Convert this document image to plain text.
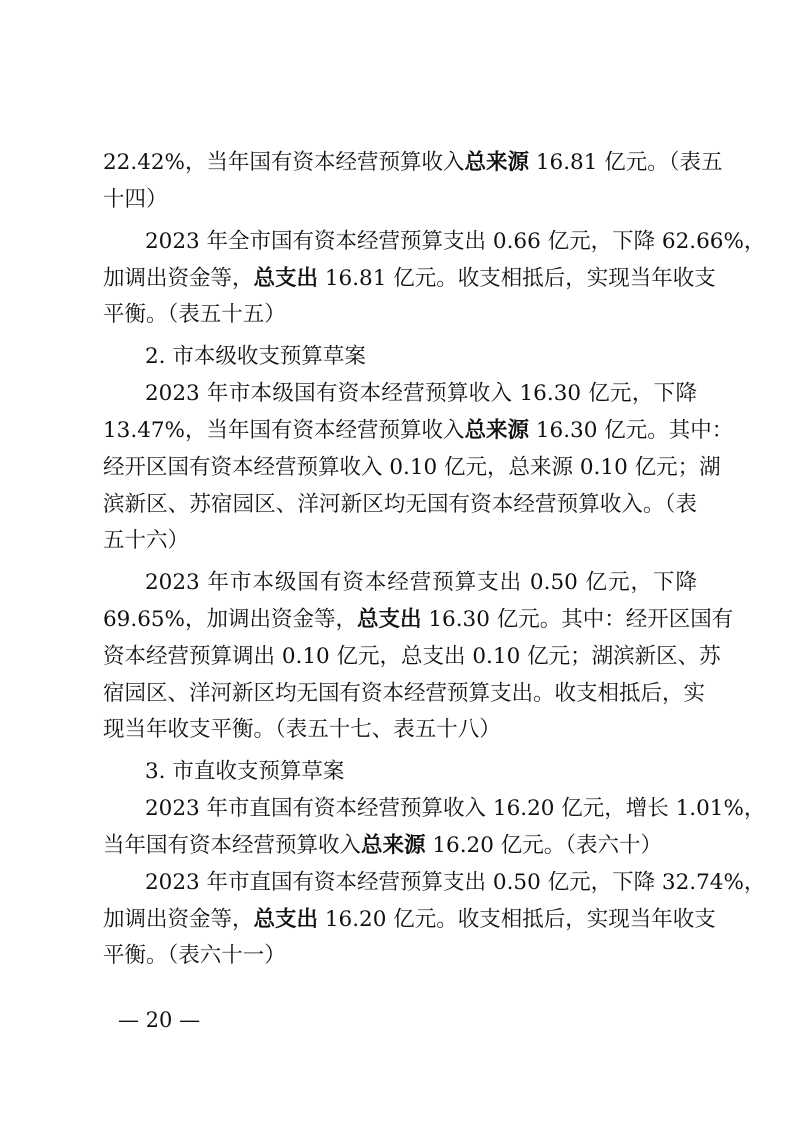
22.42%，当年国有资本经营预算收入总来源 16.81 亿元。（表五
十四）
2023 年全市国有资本经营预算支出 0.66 亿元，下降 62.66%，
加调出资金等，总支出 16.81 亿元。收支相抵后，实现当年收支
平衡。（表五十五）
2. 市本级收支预算草案
2023 年市本级国有资本经营预算收入 16.30 亿元，下降
13.47%，当年国有资本经营预算收入总来源 16.30 亿元。其中：
经开区国有资本经营预算收入 0.10 亿元，总来源 0.10 亿元；湖
滨新区、苏宿园区、洋河新区均无国有资本经营预算收入。（表
五十六）
2023 年市本级国有资本经营预算支出 0.50 亿元，下降
69.65%，加调出资金等，总支出 16.30 亿元。其中：经开区国有
资本经营预算调出 0.10 亿元，总支出 0.10 亿元；湖滨新区、苏
宿园区、洋河新区均无国有资本经营预算支出。收支相抵后，实
现当年收支平衡。（表五十七、表五十八）
3. 市直收支预算草案
2023 年市直国有资本经营预算收入 16.20 亿元，增长 1.01%，
当年国有资本经营预算收入总来源 16.20 亿元。（表六十）
2023 年市直国有资本经营预算支出 0.50 亿元，下降 32.74%，
加调出资金等，总支出 16.20 亿元。收支相抵后，实现当年收支
平衡。（表六十一）
— 20 —
